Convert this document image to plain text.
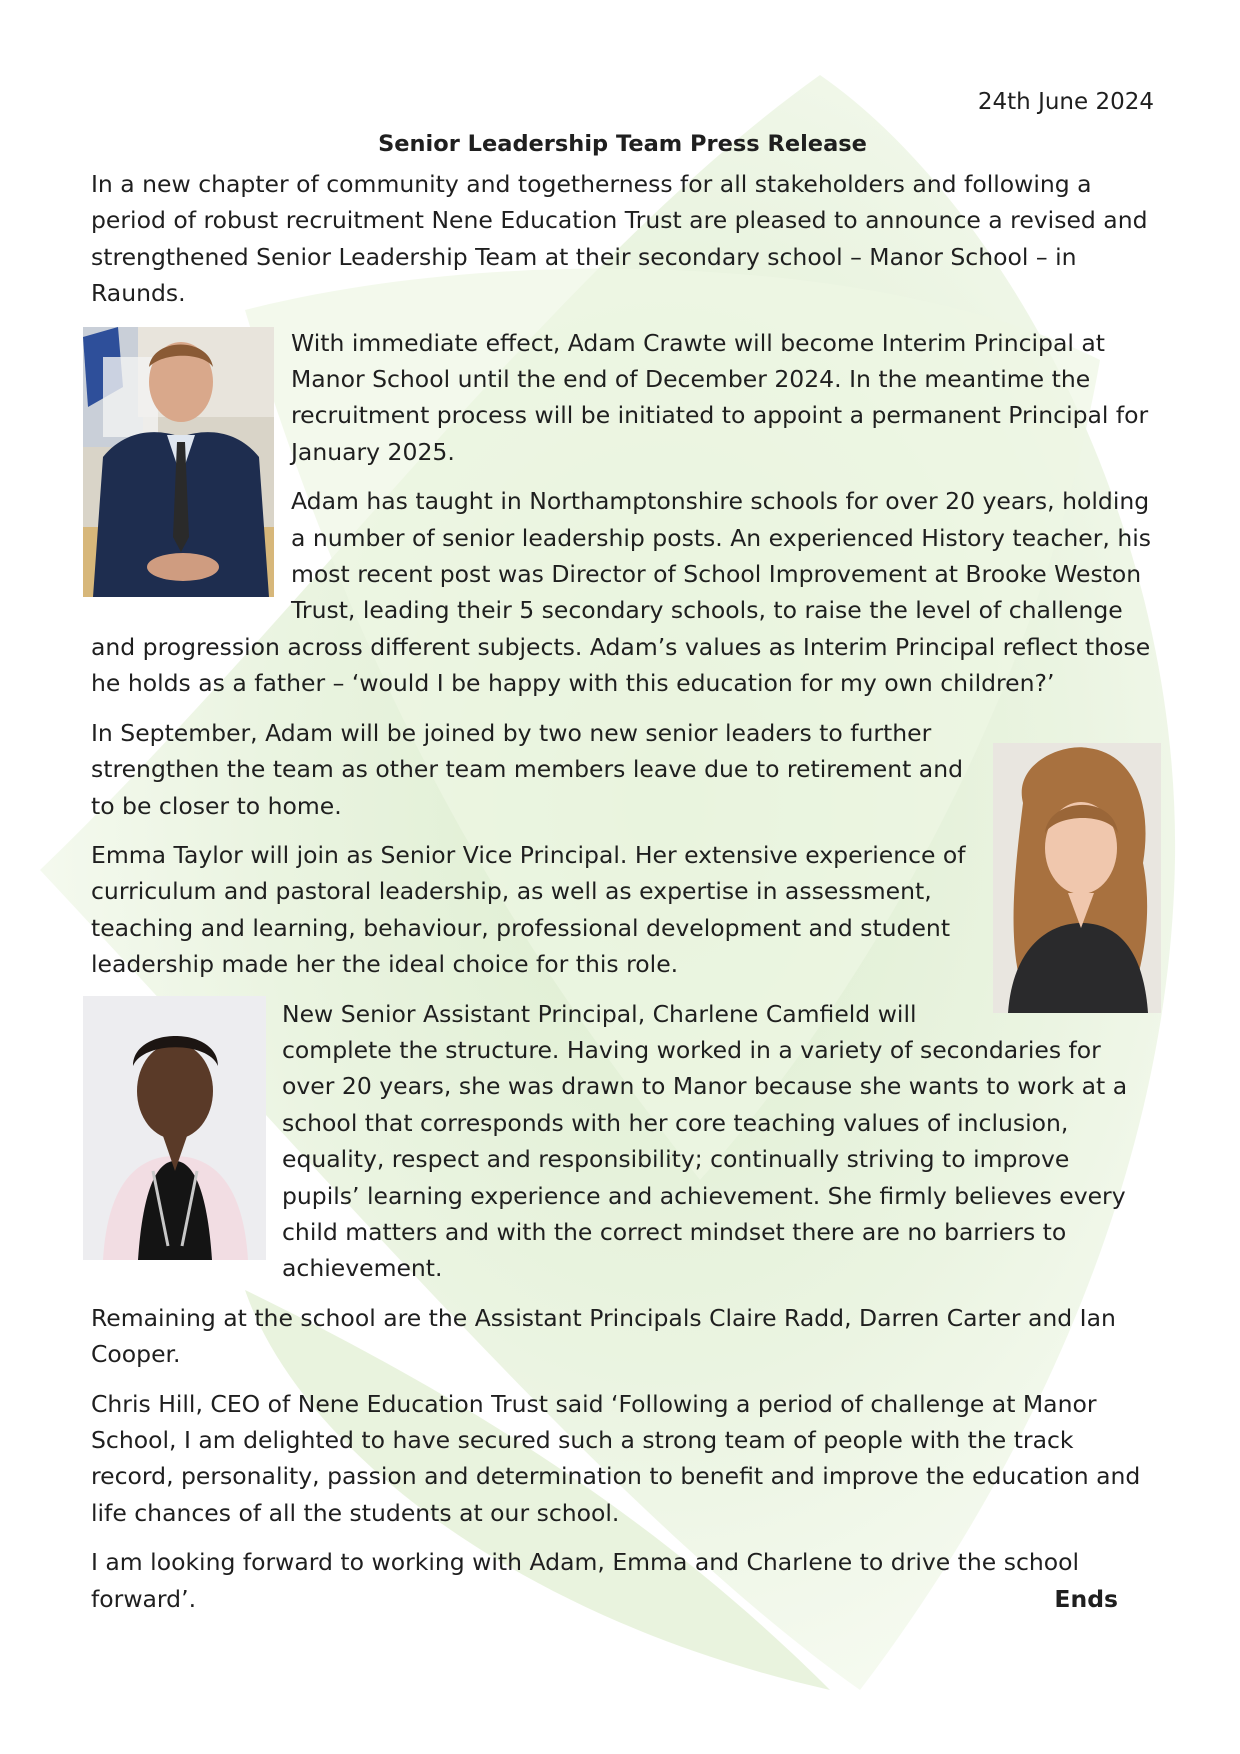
24th June 2024

Senior Leadership Team Press Release

In a new chapter of community and togetherness for all stakeholders and following a period of robust recruitment Nene Education Trust are pleased to announce a revised and strengthened Senior Leadership Team at their secondary school – Manor School – in Raunds.

With immediate effect, Adam Crawte will become Interim Principal at Manor School until the end of December 2024. In the meantime the recruitment process will be initiated to appoint a permanent Principal for January 2025.

Adam has taught in Northamptonshire schools for over 20 years, holding a number of senior leadership posts. An experienced History teacher, his most recent post was Director of School Improvement at Brooke Weston Trust, leading their 5 secondary schools, to raise the level of challenge and progression across different subjects. Adam’s values as Interim Principal reflect those he holds as a father – ‘would I be happy with this education for my own children?’

In September, Adam will be joined by two new senior leaders to further strengthen the team as other team members leave due to retirement and to be closer to home.

Emma Taylor will join as Senior Vice Principal. Her extensive experience of curriculum and pastoral leadership, as well as expertise in assessment, teaching and learning, behaviour, professional development and student leadership made her the ideal choice for this role.

New Senior Assistant Principal, Charlene Camfield will complete the structure. Having worked in a variety of secondaries for over 20 years, she was drawn to Manor because she wants to work at a school that corresponds with her core teaching values of inclusion, equality, respect and responsibility; continually striving to improve pupils’ learning experience and achievement. She firmly believes every child matters and with the correct mindset there are no barriers to achievement.

Remaining at the school are the Assistant Principals Claire Radd, Darren Carter and Ian Cooper.

Chris Hill, CEO of Nene Education Trust said ‘Following a period of challenge at Manor School, I am delighted to have secured such a strong team of people with the track record, personality, passion and determination to benefit and improve the education and life chances of all the students at our school.

I am looking forward to working with Adam, Emma and Charlene to drive the school forward’.	Ends
